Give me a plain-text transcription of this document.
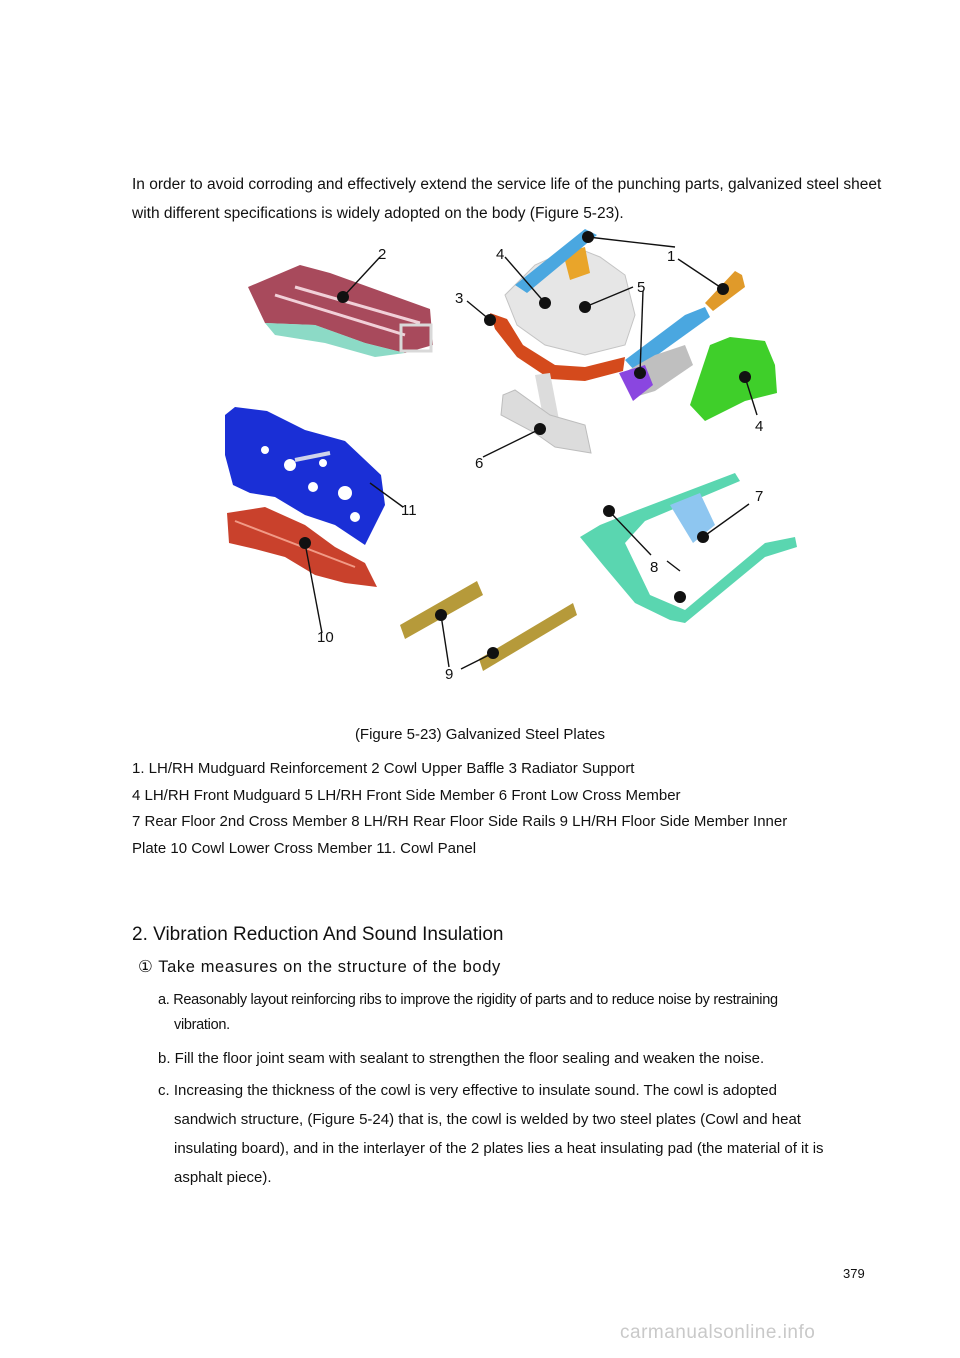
In order to avoid corroding and effectively extend the service life of the punching parts, galvanized steel sheet with different specifications is widely adopted on the body (Figure 5-23).

1
2
3
4
5
4
6
7
8
9
10
11

(Figure 5-23) Galvanized Steel Plates

1. LH/RH Mudguard Reinforcement 2 Cowl Upper Baffle 3 Radiator Support
4 LH/RH Front Mudguard 5 LH/RH Front Side Member 6 Front Low Cross Member
7 Rear Floor 2nd Cross Member 8 LH/RH Rear Floor Side Rails 9 LH/RH Floor Side Member Inner
Plate 10 Cowl Lower Cross Member 11. Cowl Panel
2. Vibration Reduction And Sound Insulation
① Take measures on the structure of the body
a. Reasonably layout reinforcing ribs to improve the rigidity of parts and to reduce noise by restraining
vibration.
b. Fill the floor joint seam with sealant to strengthen the floor sealing and weaken the noise.
c. Increasing the thickness of the cowl is very effective to insulate sound. The cowl is adopted
sandwich structure, (Figure 5-24) that is, the cowl is welded by two steel plates (Cowl and heat
insulating board), and in the interlayer of the 2 plates lies a heat insulating pad (the material of it is
asphalt piece).
379
carmanualsonline.info
